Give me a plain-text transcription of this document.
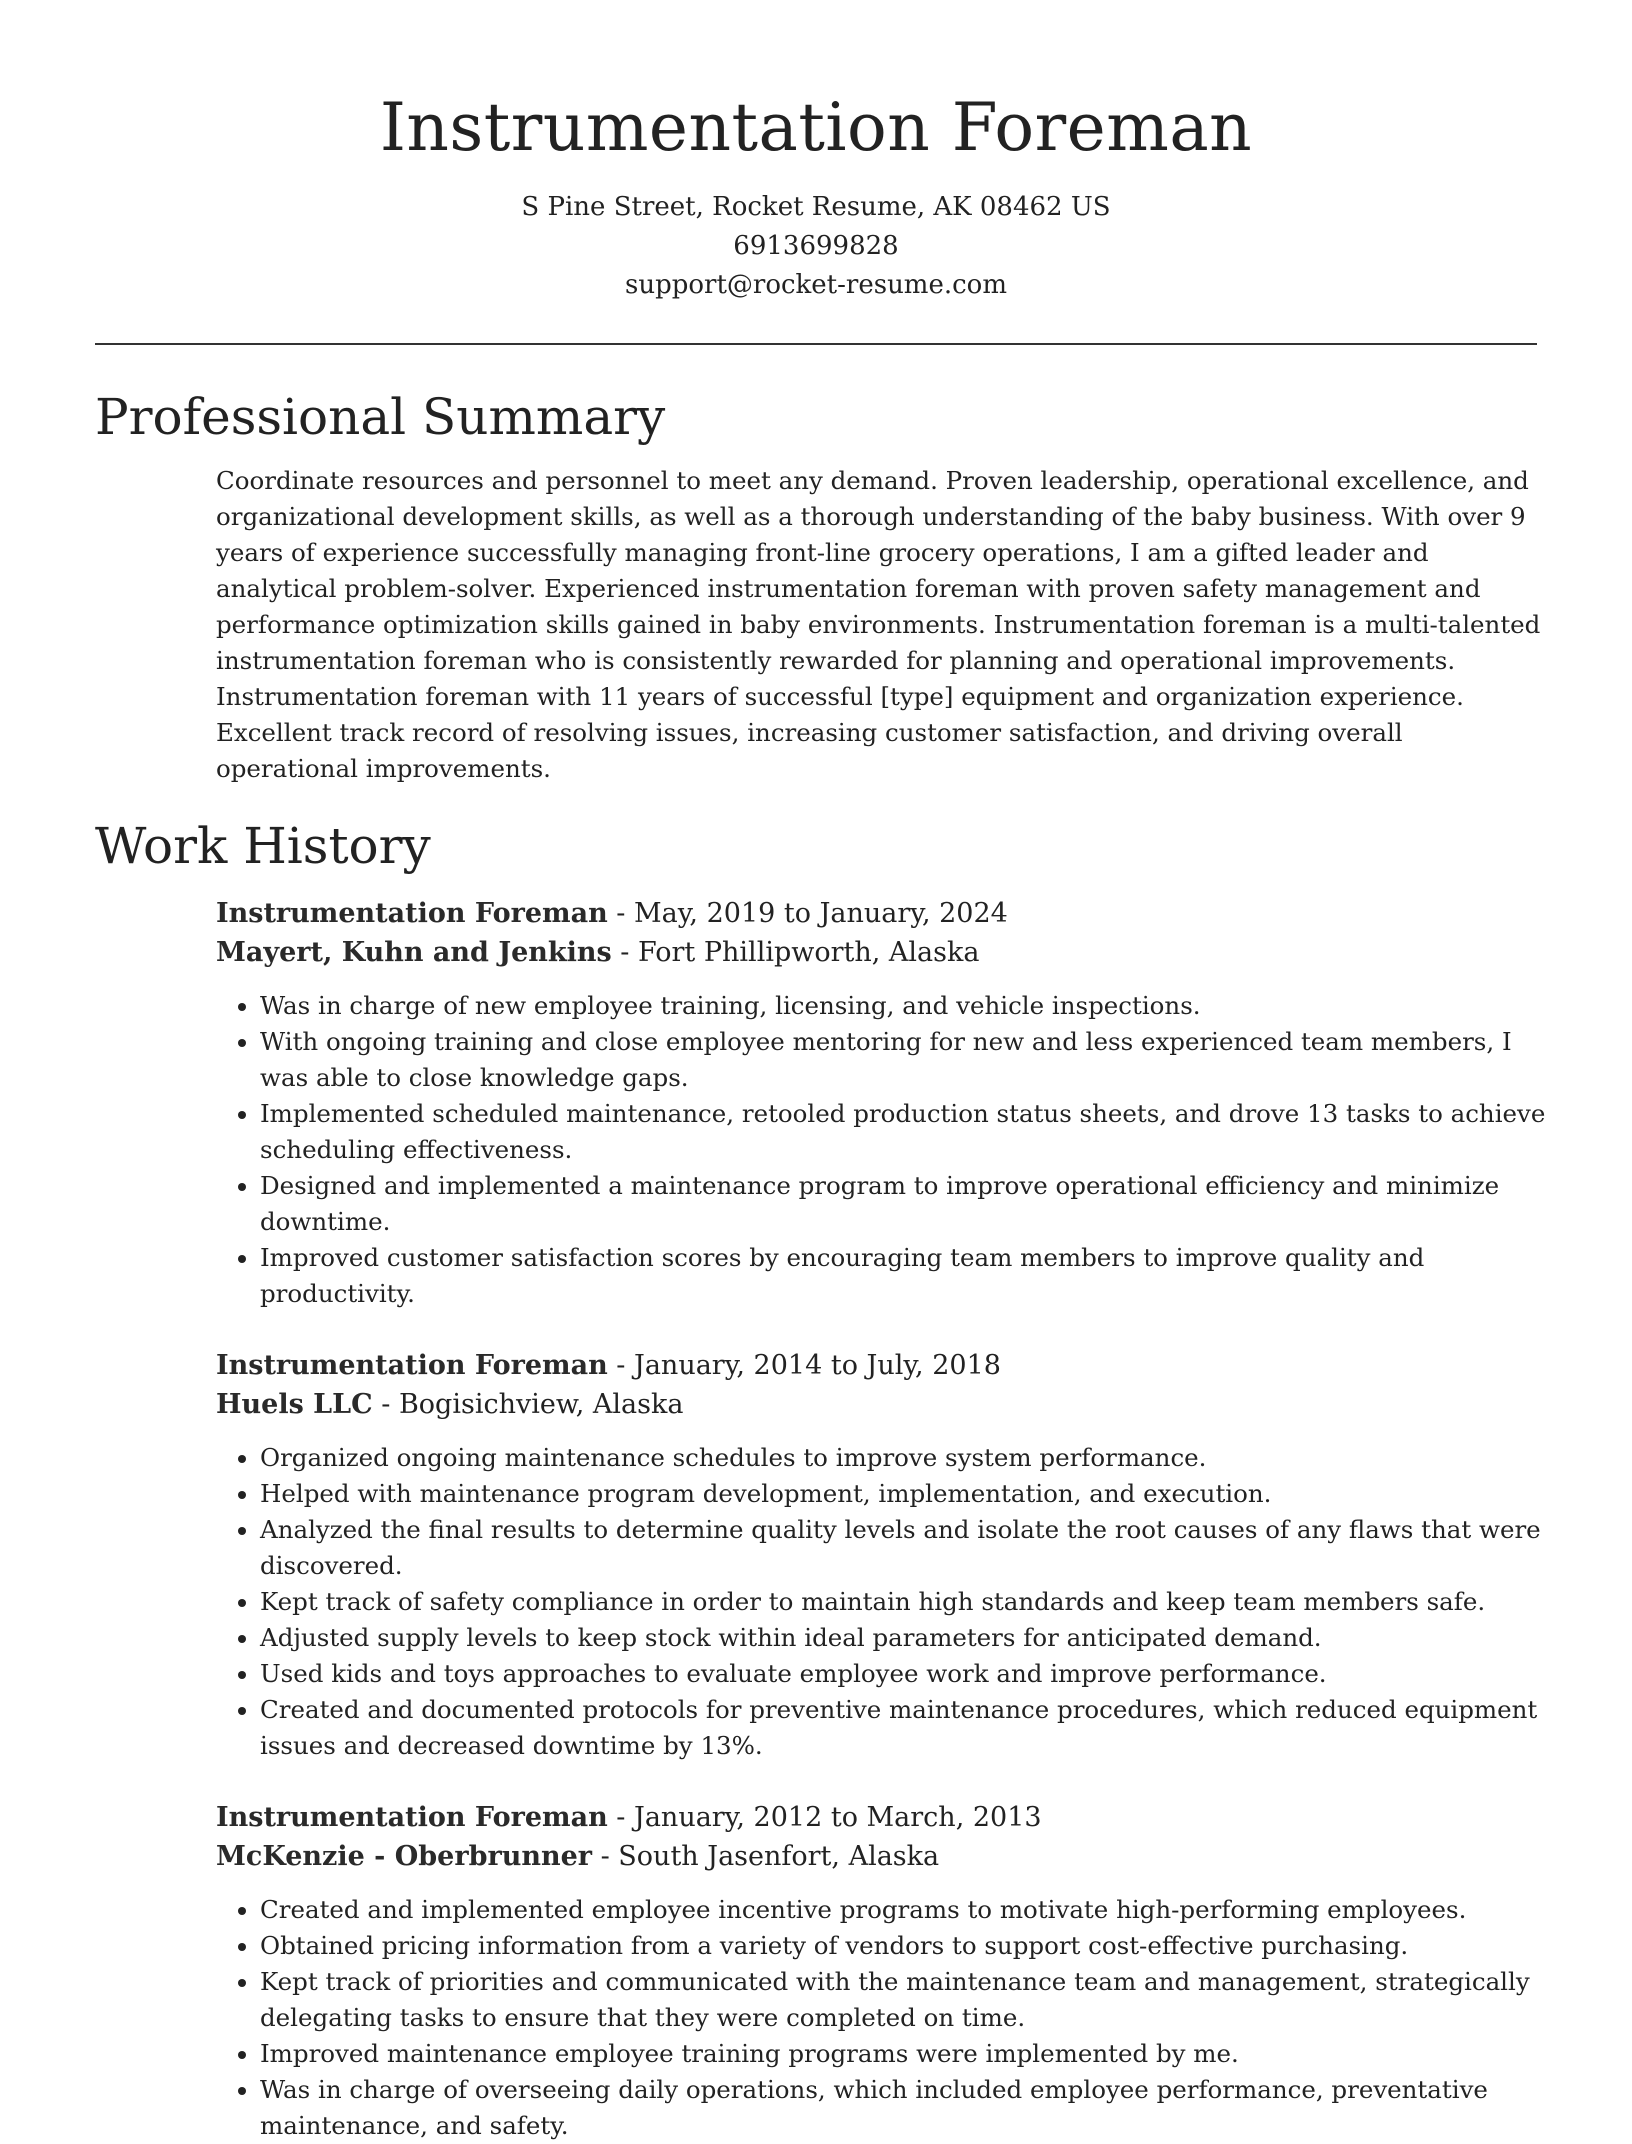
Instrumentation Foreman
S Pine Street, Rocket Resume, AK 08462 US
6913699828
support@rocket-resume.com
Professional Summary

Coordinate resources and personnel to meet any demand. Proven leadership, operational excellence, and organizational development skills, as well as a thorough understanding of the baby business. With over 9 years of experience successfully managing front-line grocery operations, I am a gifted leader and analytical problem-solver. Experienced instrumentation foreman with proven safety management and performance optimization skills gained in baby environments. Instrumentation foreman is a multi-talented instrumentation foreman who is consistently rewarded for planning and operational improvements. Instrumentation foreman with 11 years of successful [type] equipment and organization experience. Excellent track record of resolving issues, increasing customer satisfaction, and driving overall operational improvements.

Work History
Instrumentation Foreman - May, 2019 to January, 2024
Mayert, Kuhn and Jenkins - Fort Phillipworth, Alaska
• Was in charge of new employee training, licensing, and vehicle inspections.
• With ongoing training and close employee mentoring for new and less experienced team members, I was able to close knowledge gaps.
• Implemented scheduled maintenance, retooled production status sheets, and drove 13 tasks to achieve scheduling effectiveness.
• Designed and implemented a maintenance program to improve operational efficiency and minimize downtime.
• Improved customer satisfaction scores by encouraging team members to improve quality and productivity.
Instrumentation Foreman - January, 2014 to July, 2018
Huels LLC - Bogisichview, Alaska
• Organized ongoing maintenance schedules to improve system performance.
• Helped with maintenance program development, implementation, and execution.
• Analyzed the final results to determine quality levels and isolate the root causes of any flaws that were discovered.
• Kept track of safety compliance in order to maintain high standards and keep team members safe.
• Adjusted supply levels to keep stock within ideal parameters for anticipated demand.
• Used kids and toys approaches to evaluate employee work and improve performance.
• Created and documented protocols for preventive maintenance procedures, which reduced equipment issues and decreased downtime by 13%.
Instrumentation Foreman - January, 2012 to March, 2013
McKenzie - Oberbrunner - South Jasenfort, Alaska
• Created and implemented employee incentive programs to motivate high-performing employees.
• Obtained pricing information from a variety of vendors to support cost-effective purchasing.
• Kept track of priorities and communicated with the maintenance team and management, strategically delegating tasks to ensure that they were completed on time.
• Improved maintenance employee training programs were implemented by me.
• Was in charge of overseeing daily operations, which included employee performance, preventative maintenance, and safety.
